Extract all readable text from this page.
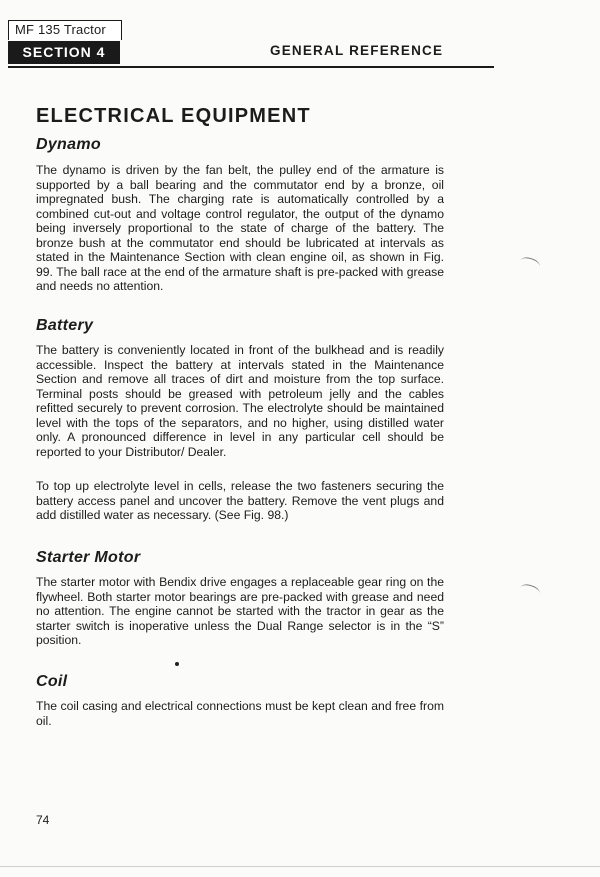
MF 135 Tractor
SECTION 4	GENERAL REFERENCE
ELECTRICAL EQUIPMENT
Dynamo

The dynamo is driven by the fan belt, the pulley end of the armature is supported by a ball bearing and the commutator end by a bronze, oil impregnated bush. The charging rate is automatically controlled by a combined cut-out and voltage control regulator, the output of the dynamo being inversely proportional to the state of charge of the battery. The bronze bush at the commutator end should be lubricated at intervals as stated in the Maintenance Section with clean engine oil, as shown in Fig. 99. The ball race at the end of the armature shaft is pre-packed with grease and needs no attention.

Battery

The battery is conveniently located in front of the bulkhead and is readily accessible. Inspect the battery at intervals stated in the Maintenance Section and remove all traces of dirt and moisture from the top surface. Terminal posts should be greased with petroleum jelly and the cables refitted securely to prevent corrosion. The electrolyte should be maintained level with the tops of the separators, and no higher, using distilled water only. A pronounced difference in level in any particular cell should be reported to your Distributor/ Dealer.

To top up electrolyte level in cells, release the two fasteners securing the battery access panel and uncover the battery. Remove the vent plugs and add distilled water as necessary. (See Fig. 98.)

Starter Motor

The starter motor with Bendix drive engages a replaceable gear ring on the flywheel. Both starter motor bearings are pre-packed with grease and need no attention. The engine cannot be started with the tractor in gear as the starter switch is inoperative unless the Dual Range selector is in the “S” position.

Coil

The coil casing and electrical connections must be kept clean and free from oil.

74
